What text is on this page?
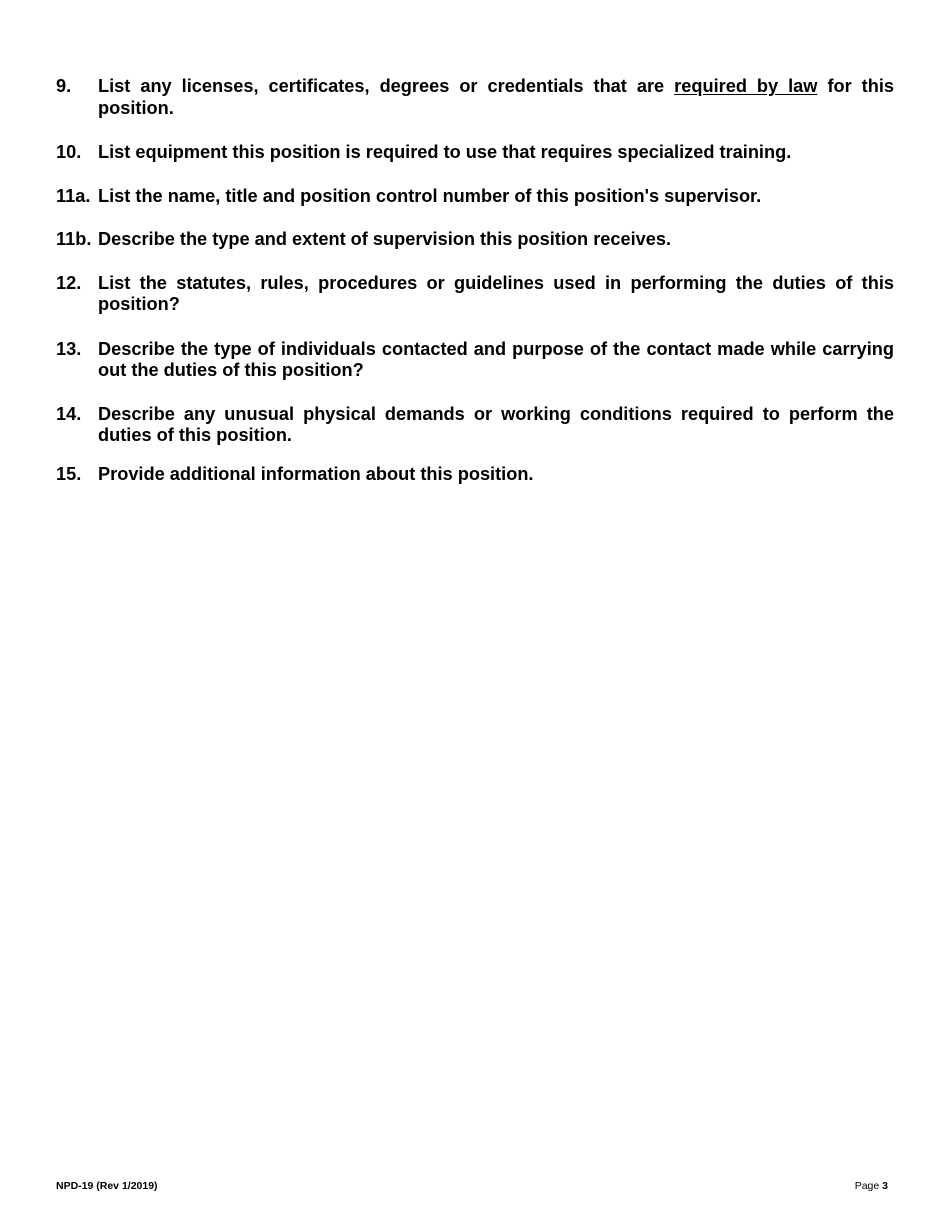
9.	List any licenses, certificates, degrees or credentials that are required by law for this position.
10. List equipment this position is required to use that requires specialized training.
11a. List the name, title and position control number of this position's supervisor.
11b. Describe the type and extent of supervision this position receives.
12. List the statutes, rules, procedures or guidelines used in performing the duties of this position?
13. Describe the type of individuals contacted and purpose of the contact made while carrying out the duties of this position?
14. Describe any unusual physical demands or working conditions required to perform the duties of this position.
15. Provide additional information about this position.
NPD-19 (Rev 1/2019)	Page 3
